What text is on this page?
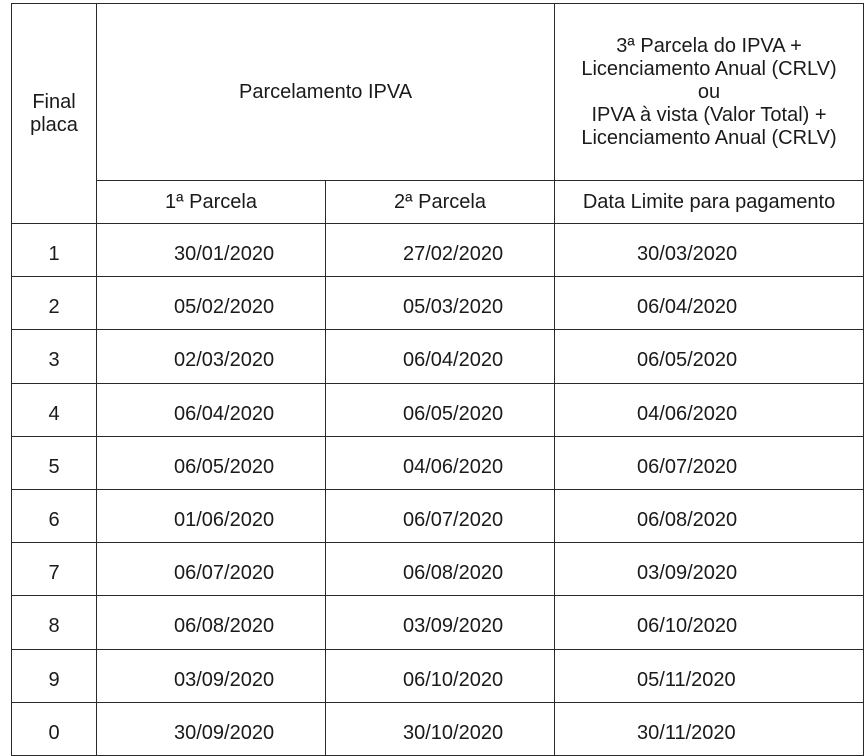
Final
placa	Parcelamento IPVA		3ª Parcela do IPVA +
Licenciamento Anual (CRLV)
ou
IPVA à vista (Valor Total) +
Licenciamento Anual (CRLV)

	1ª Parcela	2ª Parcela	Data Limite para pagamento
1	30/01/2020	27/02/2020	30/03/2020
2	05/02/2020	05/03/2020	06/04/2020
3	02/03/2020	06/04/2020	06/05/2020
4	06/04/2020	06/05/2020	04/06/2020
5	06/05/2020	04/06/2020	06/07/2020
6	01/06/2020	06/07/2020	06/08/2020
7	06/07/2020	06/08/2020	03/09/2020
8	06/08/2020	03/09/2020	06/10/2020
9	03/09/2020	06/10/2020	05/11/2020
0	30/09/2020	30/10/2020	30/11/2020
